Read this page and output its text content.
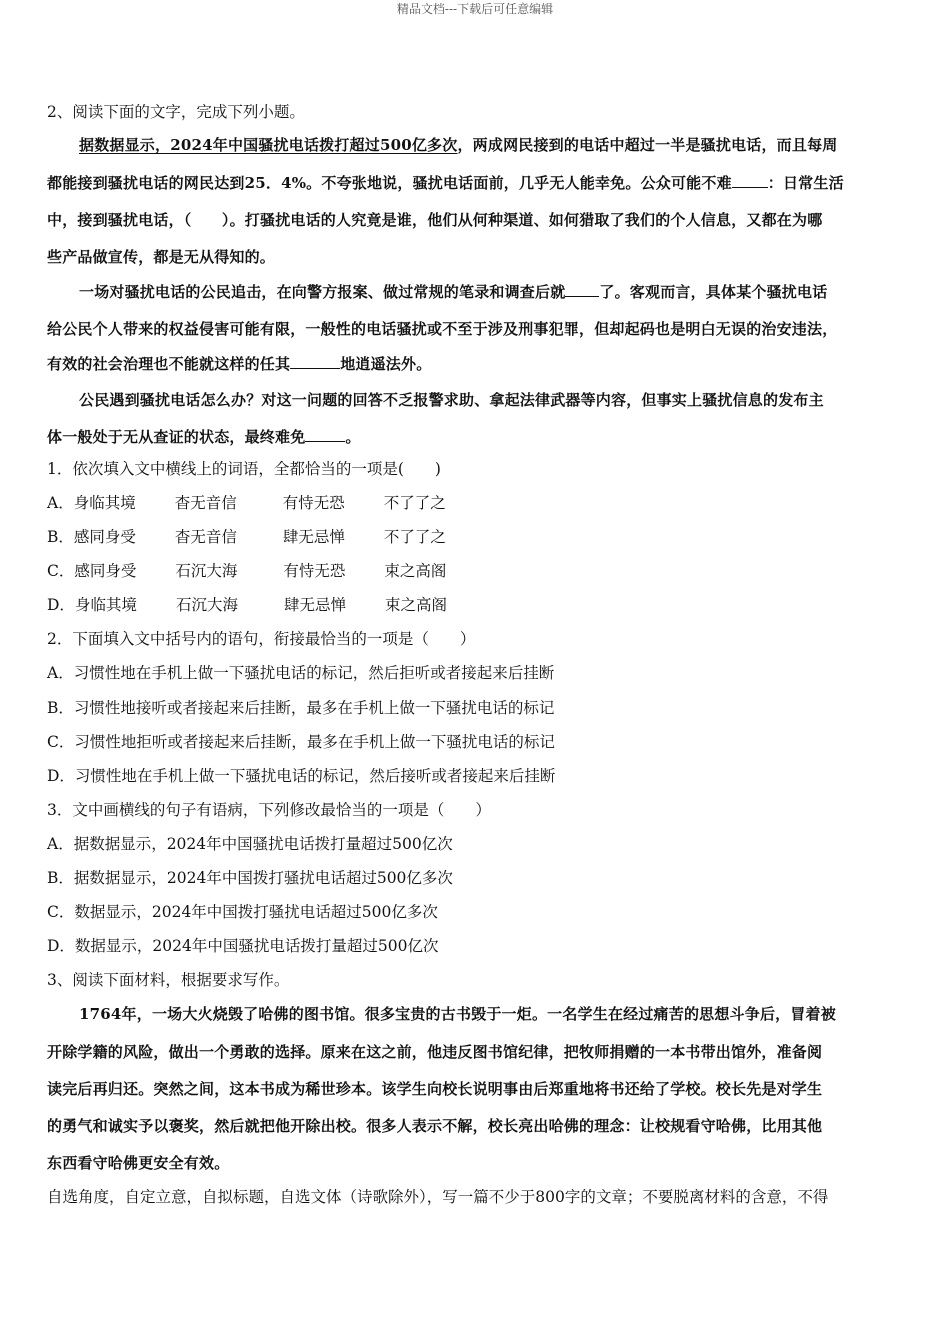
精品文档---下载后可任意编辑
2、阅读下面的文字，完成下列小题。
据数据显示，2024年中国骚扰电话拨打超过500亿多次，两成网民接到的电话中超过一半是骚扰电话，而且每周
都能接到骚扰电话的网民达到25．4%。不夸张地说，骚扰电话面前，几乎无人能幸免。公众可能不难 ：日常生活
中，接到骚扰电话，（　　）。打骚扰电话的人究竟是谁，他们从何种渠道、如何猎取了我们的个人信息，又都在为哪
些产品做宣传，都是无从得知的。
一场对骚扰电话的公民追击，在向警方报案、做过常规的笔录和调查后就 了。客观而言，具体某个骚扰电话
给公民个人带来的权益侵害可能有限，一般性的电话骚扰或不至于涉及刑事犯罪，但却起码也是明白无误的治安违法，
有效的社会治理也不能就这样的任其	地逍遥法外。
公民遇到骚扰电话怎么办？对这一问题的回答不乏报警求助、拿起法律武器等内容，但事实上骚扰信息的发布主
体一般处于无从查证的状态，最终难免	。
1．依次填入文中横线上的词语，全都恰当的一项是(　　)
A．身临其境	杳无音信	有恃无恐	不了了之
B．感同身受	杳无音信	肆无忌惮	不了了之
C．感同身受	石沉大海	有恃无恐	束之高阁
D．身临其境	石沉大海	肆无忌惮	束之高阁
2．下面填入文中括号内的语句，衔接最恰当的一项是（　　）
A．习惯性地在手机上做一下骚扰电话的标记，然后拒听或者接起来后挂断
B．习惯性地接听或者接起来后挂断，最多在手机上做一下骚扰电话的标记
C．习惯性地拒听或者接起来后挂断，最多在手机上做一下骚扰电话的标记
D．习惯性地在手机上做一下骚扰电话的标记，然后接听或者接起来后挂断
3．文中画横线的句子有语病，下列修改最恰当的一项是（　　）
A．据数据显示，2024年中国骚扰电话拨打量超过500亿次
B．据数据显示，2024年中国拨打骚扰电话超过500亿多次
C．数据显示，2024年中国拨打骚扰电话超过500亿多次
D．数据显示，2024年中国骚扰电话拨打量超过500亿次
3、阅读下面材料，根据要求写作。
1764年，一场大火烧毁了哈佛的图书馆。很多宝贵的古书毁于一炬。一名学生在经过痛苦的思想斗争后，冒着被
开除学籍的风险，做出一个勇敢的选择。原来在这之前，他违反图书馆纪律，把牧师捐赠的一本书带出馆外，准备阅
读完后再归还。突然之间，这本书成为稀世珍本。该学生向校长说明事由后郑重地将书还给了学校。校长先是对学生
的勇气和诚实予以褒奖，然后就把他开除出校。很多人表示不解，校长亮出哈佛的理念：让校规看守哈佛，比用其他
东西看守哈佛更安全有效。
自选角度，自定立意，自拟标题，自选文体（诗歌除外），写一篇不少于800字的文章；不要脱离材料的含意，不得
